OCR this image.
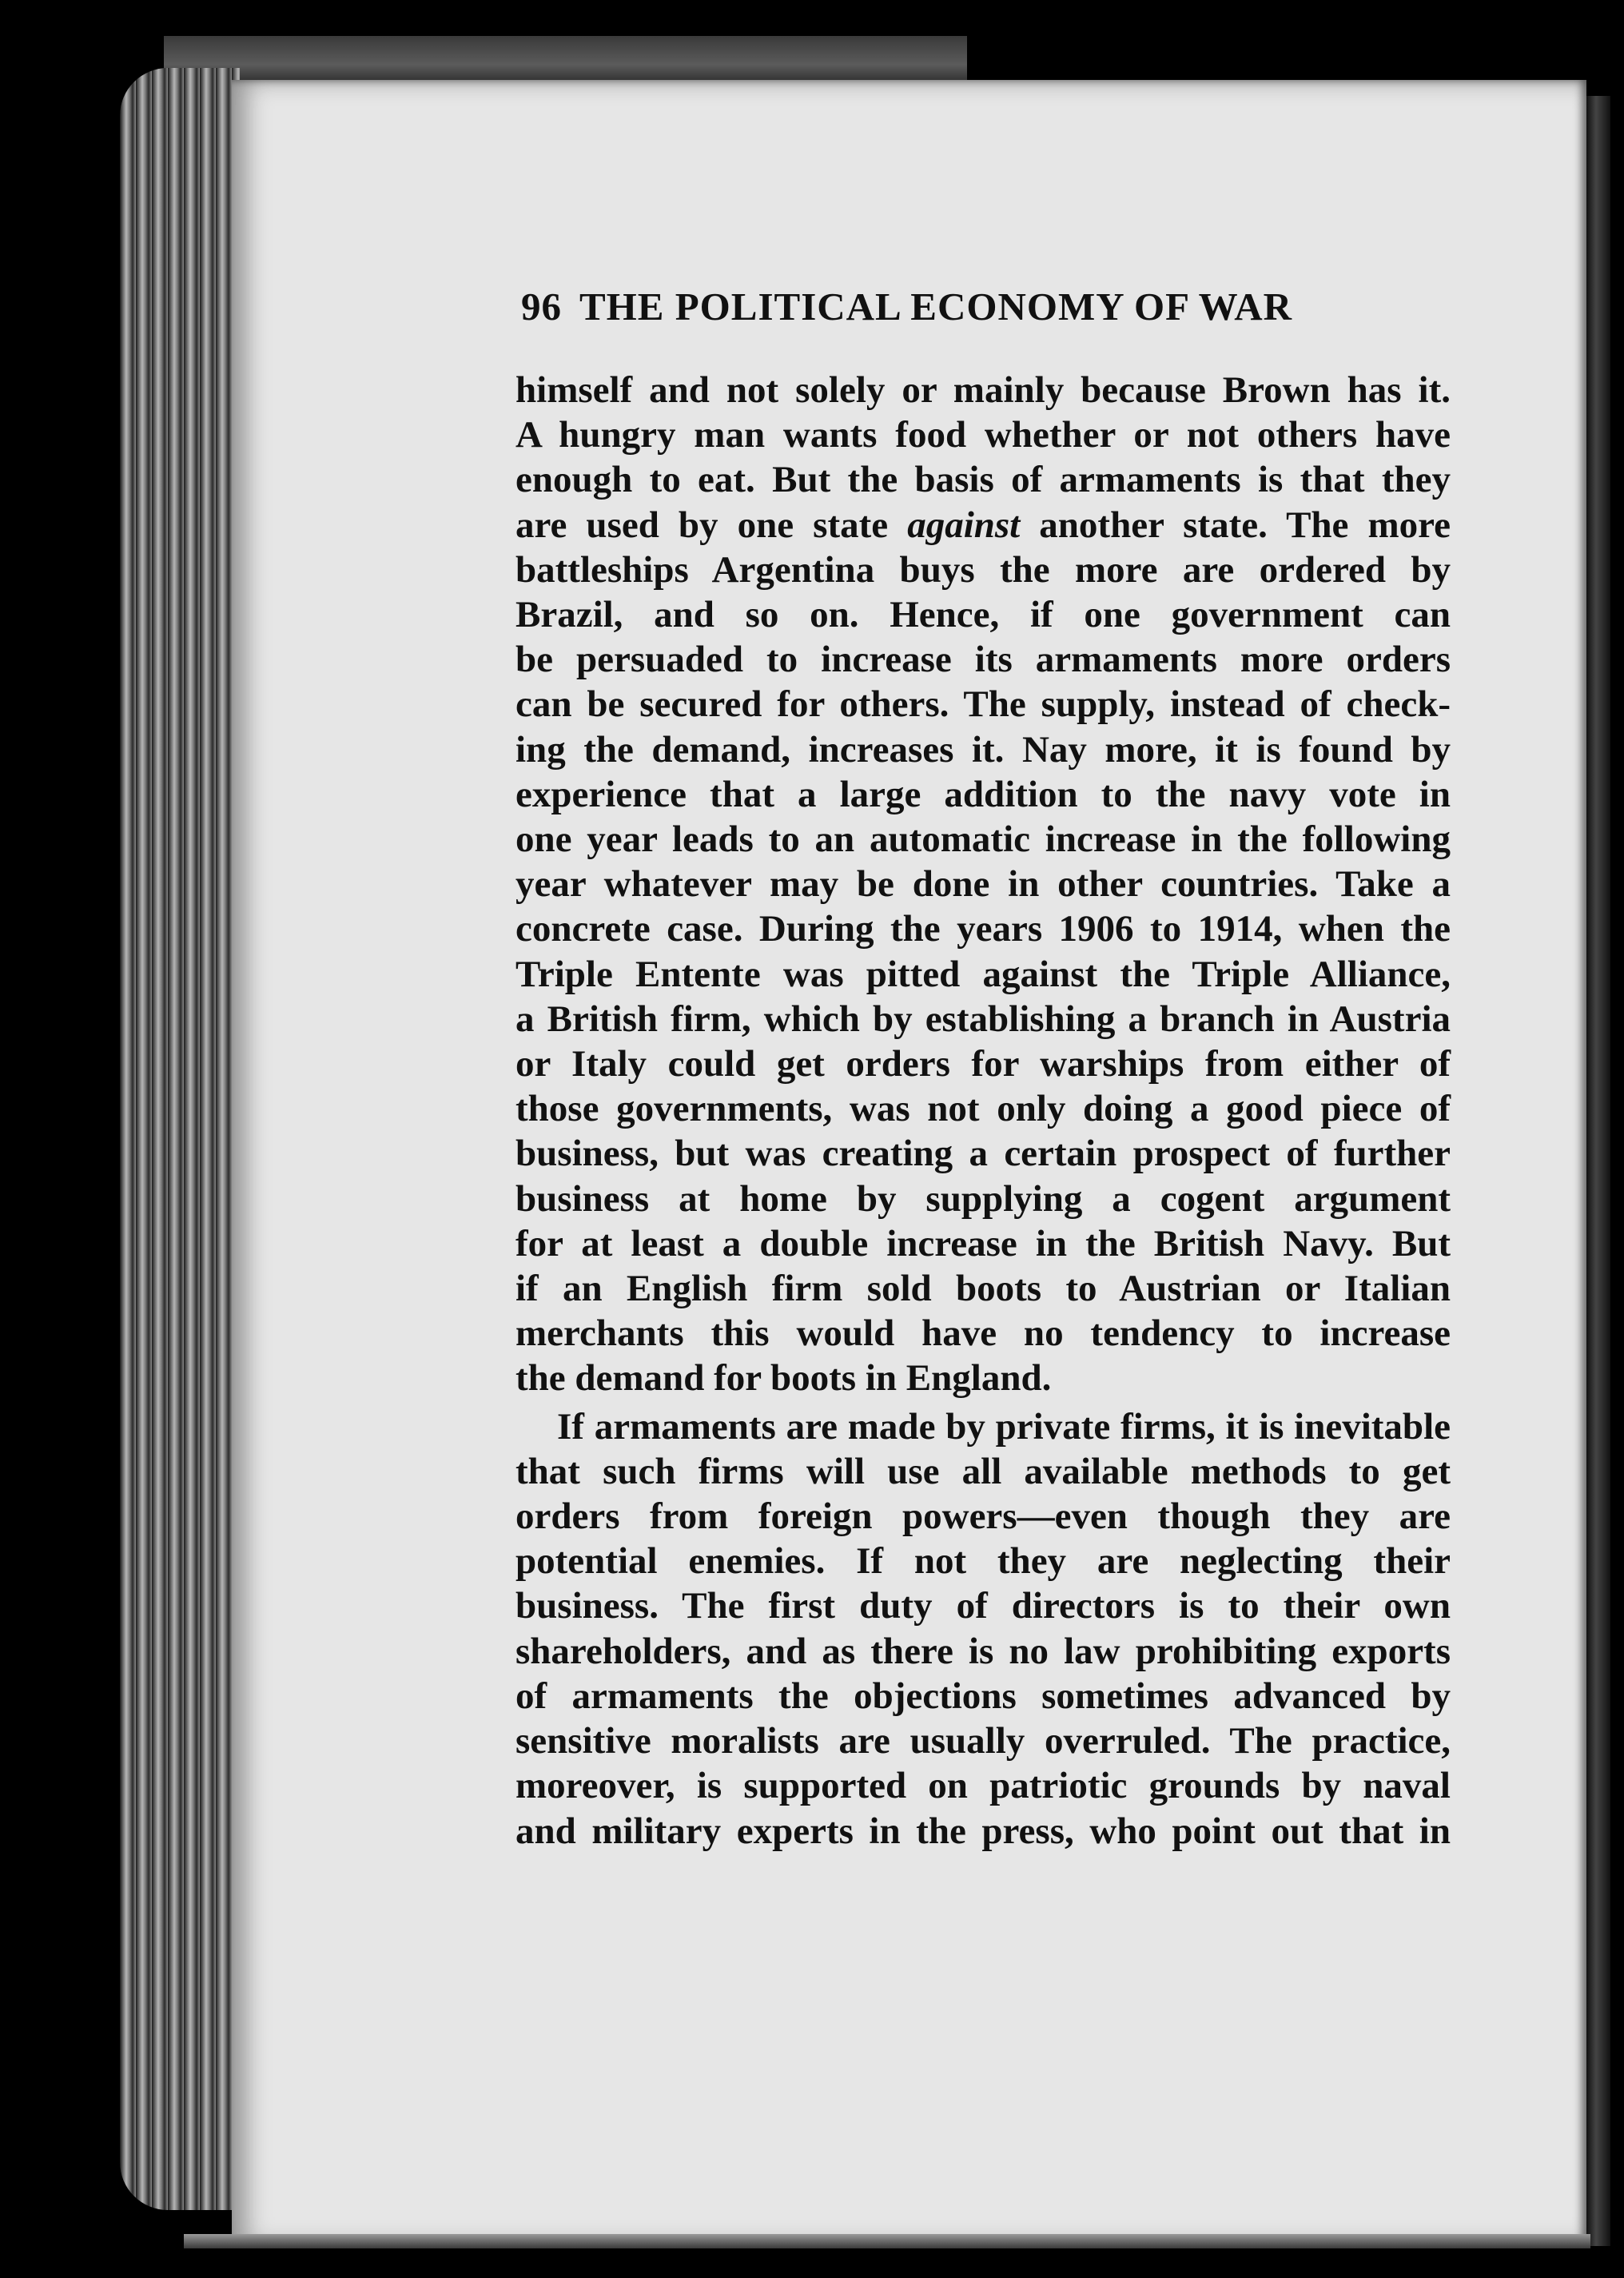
96 THE POLITICAL ECONOMY OF WAR
himself and not solely or mainly because Brown has it.
A hungry man wants food whether or not others have
enough to eat. But the basis of armaments is that they
are used by one state against another state. The more
battleships Argentina buys the more are ordered by
Brazil, and so on. Hence, if one government can
be persuaded to increase its armaments more orders
can be secured for others. The supply, instead of check-
ing the demand, increases it. Nay more, it is found by
experience that a large addition to the navy vote in
one year leads to an automatic increase in the following
year whatever may be done in other countries. Take a
concrete case. During the years 1906 to 1914, when the
Triple Entente was pitted against the Triple Alliance,
a British firm, which by establishing a branch in Austria
or Italy could get orders for warships from either of
those governments, was not only doing a good piece of
business, but was creating a certain prospect of further
business at home by supplying a cogent argument
for at least a double increase in the British Navy. But
if an English firm sold boots to Austrian or Italian
merchants this would have no tendency to increase
the demand for boots in England.
If armaments are made by private firms, it is inevitable
that such firms will use all available methods to get
orders from foreign powers—even though they are
potential enemies. If not they are neglecting their
business. The first duty of directors is to their own
shareholders, and as there is no law prohibiting exports
of armaments the objections sometimes advanced by
sensitive moralists are usually overruled. The practice,
moreover, is supported on patriotic grounds by naval
and military experts in the press, who point out that in
